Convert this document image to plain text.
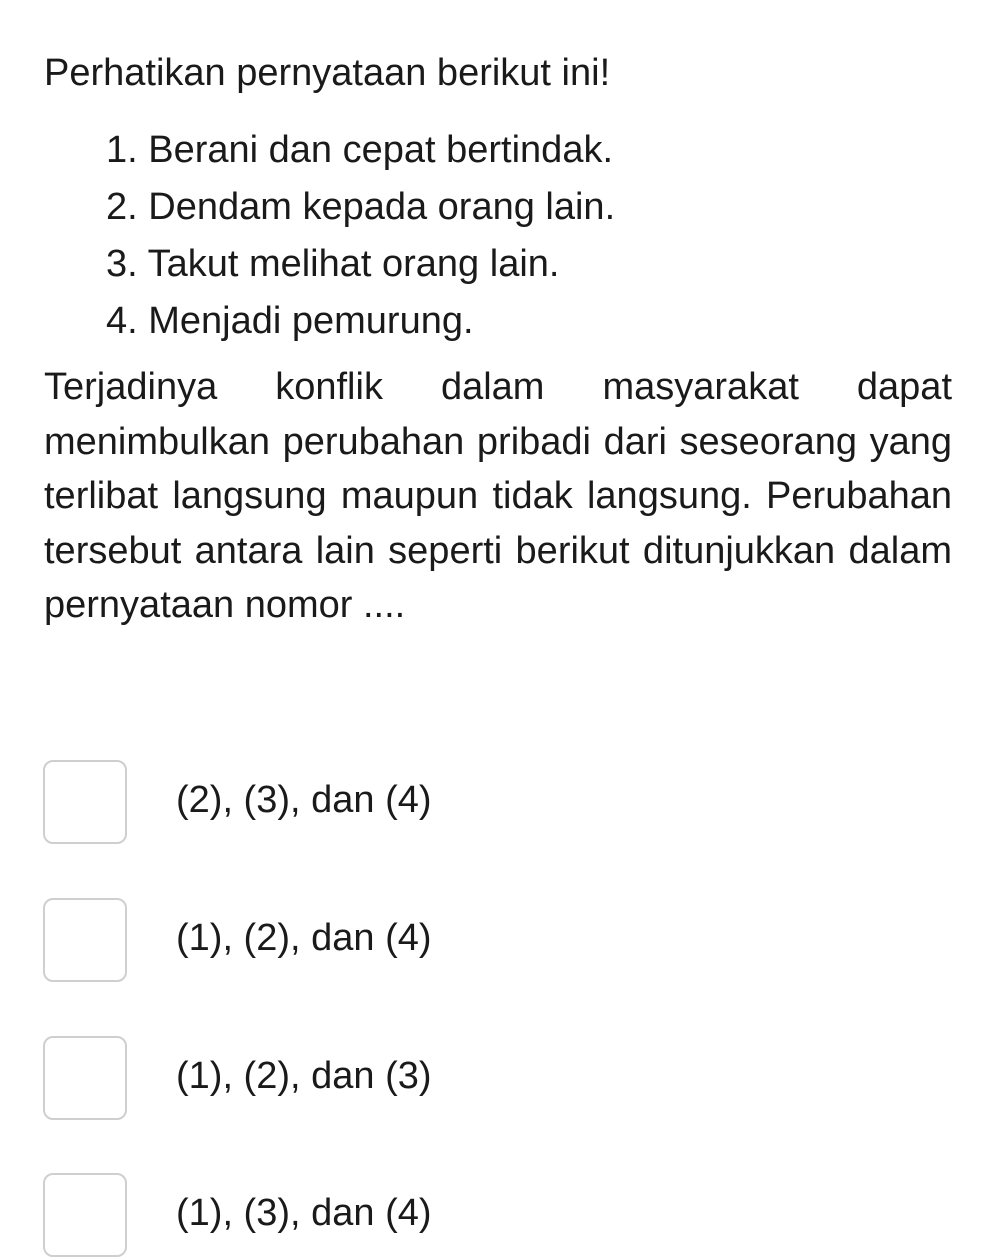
Perhatikan pernyataan berikut ini!
1. Berani dan cepat bertindak.
2. Dendam kepada orang lain.
3. Takut melihat orang lain.
4. Menjadi pemurung.

Terjadinya konflik dalam masyarakat dapat menimbulkan perubahan pribadi dari seseorang yang terlibat langsung maupun tidak langsung. Perubahan tersebut antara lain seperti berikut ditunjukkan dalam pernyataan nomor ....

(2), (3), dan (4)
(1), (2), dan (4)
(1), (2), dan (3)
(1), (3), dan (4)
